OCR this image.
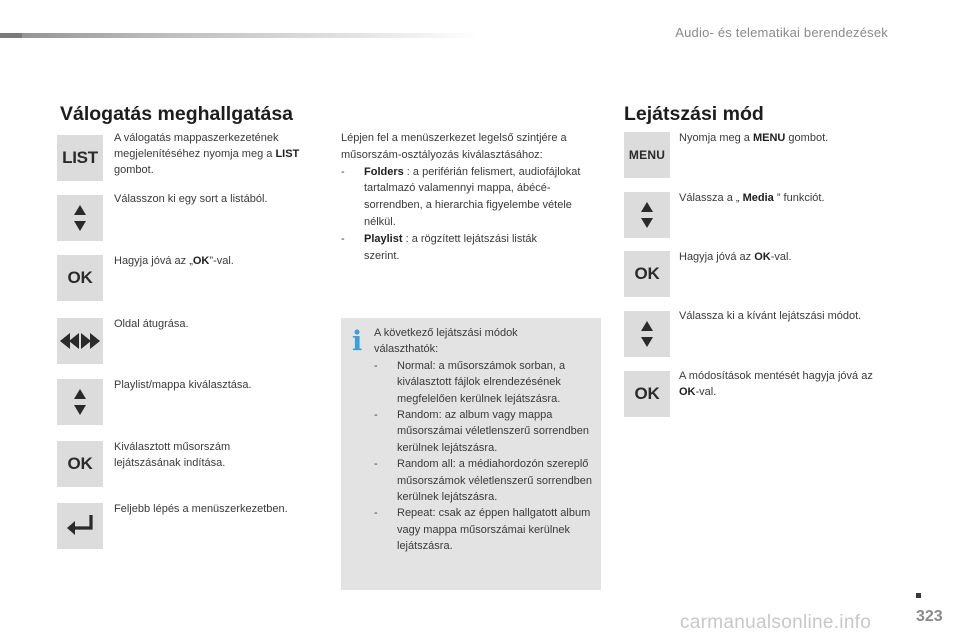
Audio- és telematikai berendezések
Válogatás meghallgatása
LIST
A válogatás mappaszerkezetének megjelenítéséhez nyomja meg a LIST gombot.
Válasszon ki egy sort a listából.
OK
Hagyja jóvá az „OK”-val.
Oldal átugrása.
Playlist/mappa kiválasztása.
OK
Kiválasztott műsorszám lejátszásának indítása.
Feljebb lépés a menüszerkezetben.

Lépjen fel a menüszerkezet legelső szintjére a műsorszám-osztályozás kiválasztásához:

-	Folders : a periférián felismert, audiofájlokat tartalmazó valamennyi mappa, ábécé-sorrendben, a hierarchia figyelembe vétele nélkül.
-	Playlist : a rögzített lejátszási listák szerint.
i A következő lejátszási módok választhatók:

-	Normal: a műsorszámok sorban, a kiválasztott fájlok elrendezésének megfelelően kerülnek lejátszásra.
-	Random: az album vagy mappa műsorszámai véletlenszerű sorrendben kerülnek lejátszásra.
-	Random all: a médiahordozón szereplő műsorszámok véletlenszerű sorrendben kerülnek lejátszásra.
-	Repeat: csak az éppen hallgatott album vagy mappa műsorszámai kerülnek lejátszásra.
Lejátszási mód
MENU
Nyomja meg a MENU gombot.
Válassza a „ Media ” funkciót.
OK
Hagyja jóvá az OK-val.
Válassza ki a kívánt lejátszási módot.
OK
A módosítások mentését hagyja jóvá az OK-val.
carmanualsonline.info	323
